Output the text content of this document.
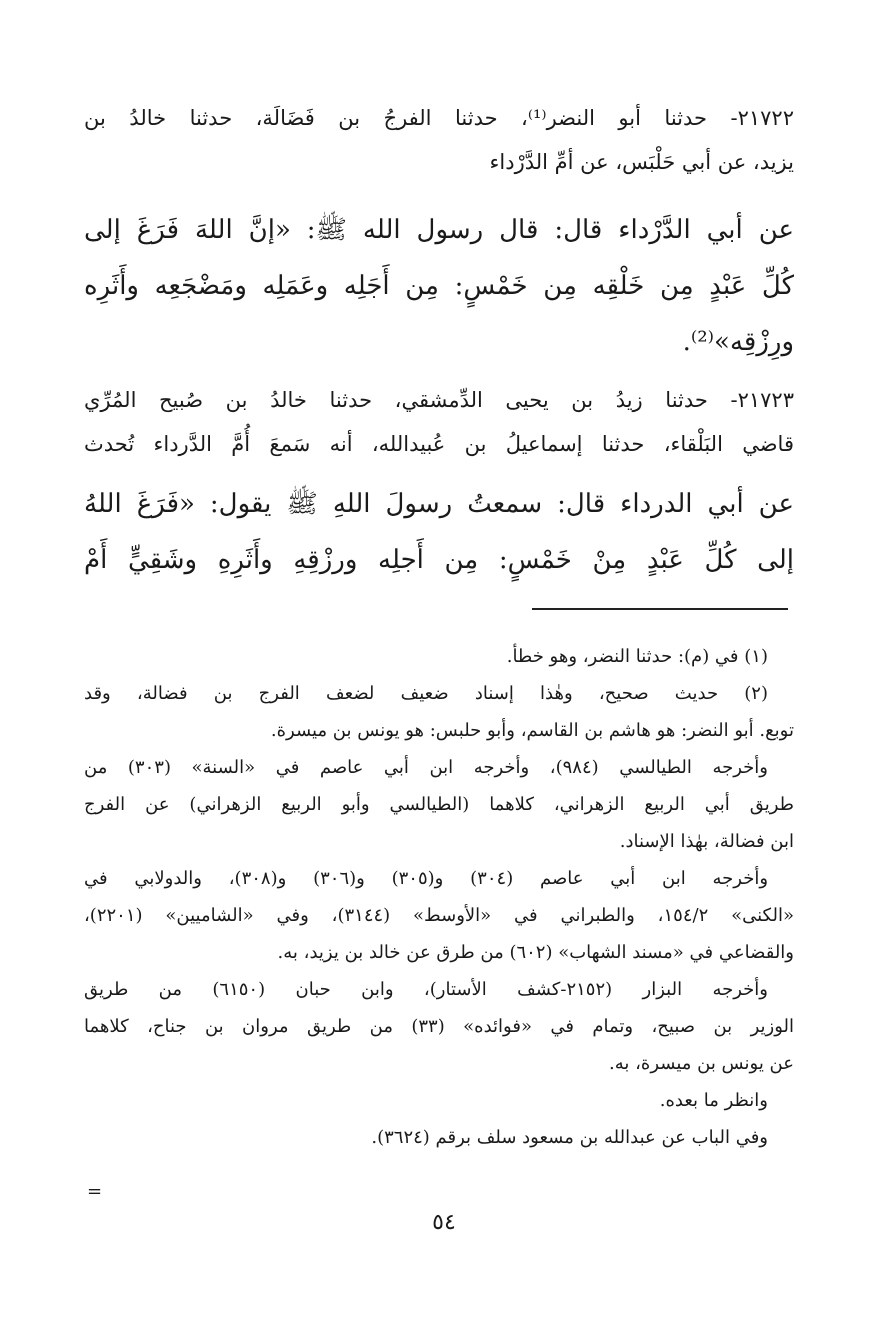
٢١٧٢٢- حدثنا أبو النضر⁽¹⁾، حدثنا الفرجُ بن فَضَالَة، حدثنا خالدُ بن
يزيد، عن أبي حَلْبَس، عن أمِّ الدَّرْداء
عن أبي الدَّرْداء قال: قال رسول الله ﷺ: «إنَّ اللهَ فَرَغَ إلى
كُلِّ عَبْدٍ مِن خَلْقِه مِن خَمْسٍ: مِن أَجَلِه وعَمَلِه ومَضْجَعِه وأَثَرِه
ورِزْقِه»⁽²⁾.
٢١٧٢٣- حدثنا زيدُ بن يحيى الدِّمشقي، حدثنا خالدُ بن صُبيح المُرِّي
قاضي البَلْقاء، حدثنا إسماعيلُ بن عُبيدالله، أنه سَمعَ أُمَّ الدَّرداء تُحدث
عن أبي الدرداء قال: سمعتُ رسولَ اللهِ ﷺ يقول: «فَرَغَ اللهُ
إلى كُلِّ عَبْدٍ مِنْ خَمْسٍ: مِن أَجلِه ورزْقِهِ وأَثَرِهِ وشَقِيٍّ أَمْ
(١) في (م): حدثنا النضر، وهو خطأ.
(٢) حديث صحيح، وهٰذا إسناد ضعيف لضعف الفرج بن فضالة، وقد
توبع. أبو النضر: هو هاشم بن القاسم، وأبو حلبس: هو يونس بن ميسرة.
وأخرجه الطيالسي (٩٨٤)، وأخرجه ابن أبي عاصم في «السنة» (٣٠٣) من
طريق أبي الربيع الزهراني، كلاهما (الطيالسي وأبو الربيع الزهراني) عن الفرج
ابن فضالة، بهٰذا الإسناد.
وأخرجه ابن أبي عاصم (٣٠٤) و(٣٠٥) و(٣٠٦) و(٣٠٨)، والدولابي في
«الكنى» ١٥٤/٢، والطبراني في «الأوسط» (٣١٤٤)، وفي «الشاميين» (٢٢٠١)،
والقضاعي في «مسند الشهاب» (٦٠٢) من طرق عن خالد بن يزيد، به.
وأخرجه البزار (٢١٥٢-كشف الأستار)، وابن حبان (٦١٥٠) من طريق
الوزير بن صبيح، وتمام في «فوائده» (٣٣) من طريق مروان بن جناح، كلاهما
عن يونس بن ميسرة، به.
وانظر ما بعده.
وفي الباب عن عبدالله بن مسعود سلف برقم (٣٦٢٤).
=
٥٤
